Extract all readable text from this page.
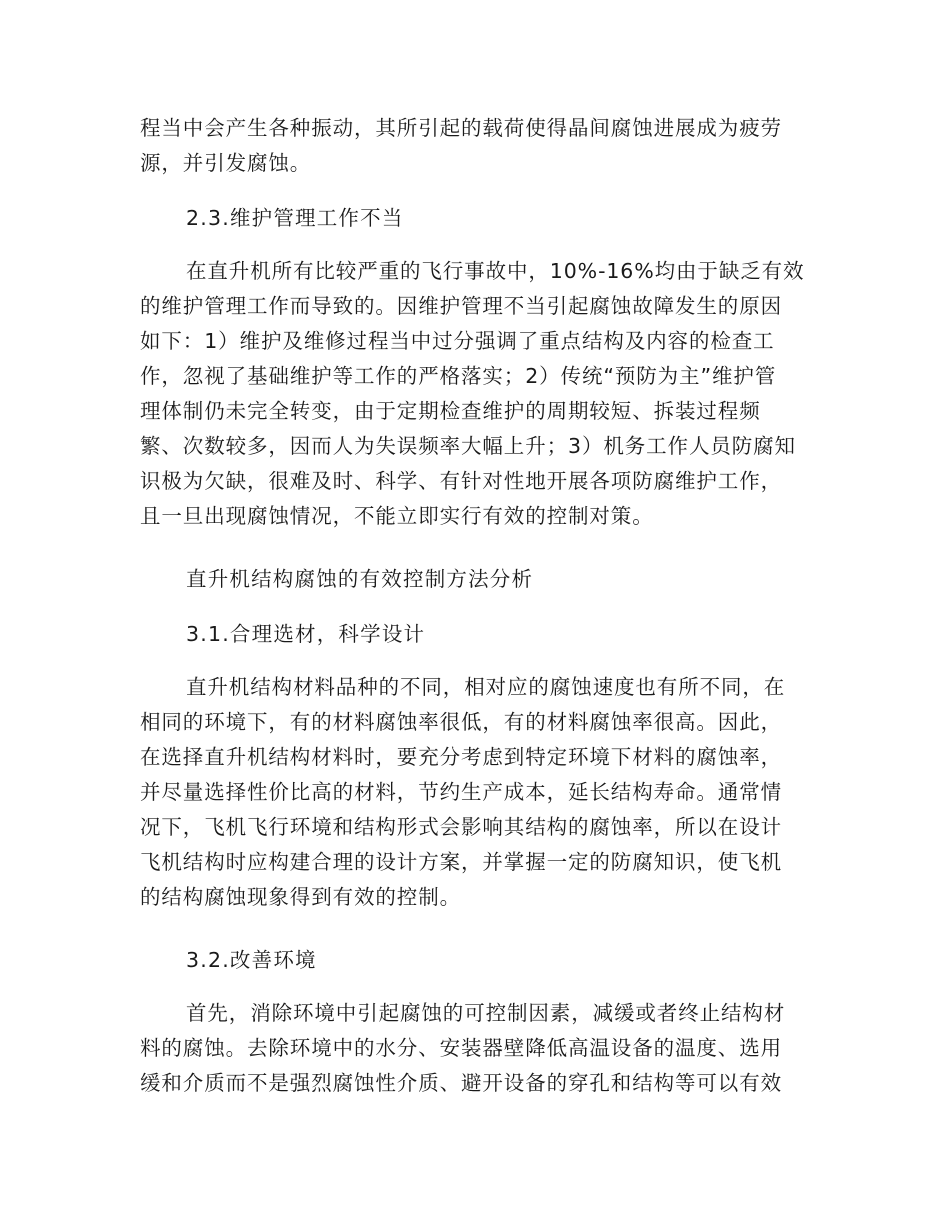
程当中会产生各种振动，其所引起的载荷使得晶间腐蚀进展成为疲劳
源，并引发腐蚀。
2.3.维护管理工作不当
在直升机所有比较严重的飞行事故中，10%-16%均由于缺乏有效
的维护管理工作而导致的。因维护管理不当引起腐蚀故障发生的原因
如下：1）维护及维修过程当中过分强调了重点结构及内容的检查工
作，忽视了基础维护等工作的严格落实；2）传统“预防为主”维护管
理体制仍未完全转变，由于定期检查维护的周期较短、拆装过程频
繁、次数较多，因而人为失误频率大幅上升；3）机务工作人员防腐知
识极为欠缺，很难及时、科学、有针对性地开展各项防腐维护工作，
且一旦出现腐蚀情况，不能立即实行有效的控制对策。
直升机结构腐蚀的有效控制方法分析
3.1.合理选材，科学设计
直升机结构材料品种的不同，相对应的腐蚀速度也有所不同，在
相同的环境下，有的材料腐蚀率很低，有的材料腐蚀率很高。因此，
在选择直升机结构材料时，要充分考虑到特定环境下材料的腐蚀率，
并尽量选择性价比高的材料，节约生产成本，延长结构寿命。通常情
况下，飞机飞行环境和结构形式会影响其结构的腐蚀率，所以在设计
飞机结构时应构建合理的设计方案，并掌握一定的防腐知识，使飞机
的结构腐蚀现象得到有效的控制。
3.2.改善环境
首先，消除环境中引起腐蚀的可控制因素，减缓或者终止结构材
料的腐蚀。去除环境中的水分、安装器壁降低高温设备的温度、选用
缓和介质而不是强烈腐蚀性介质、避开设备的穿孔和结构等可以有效
